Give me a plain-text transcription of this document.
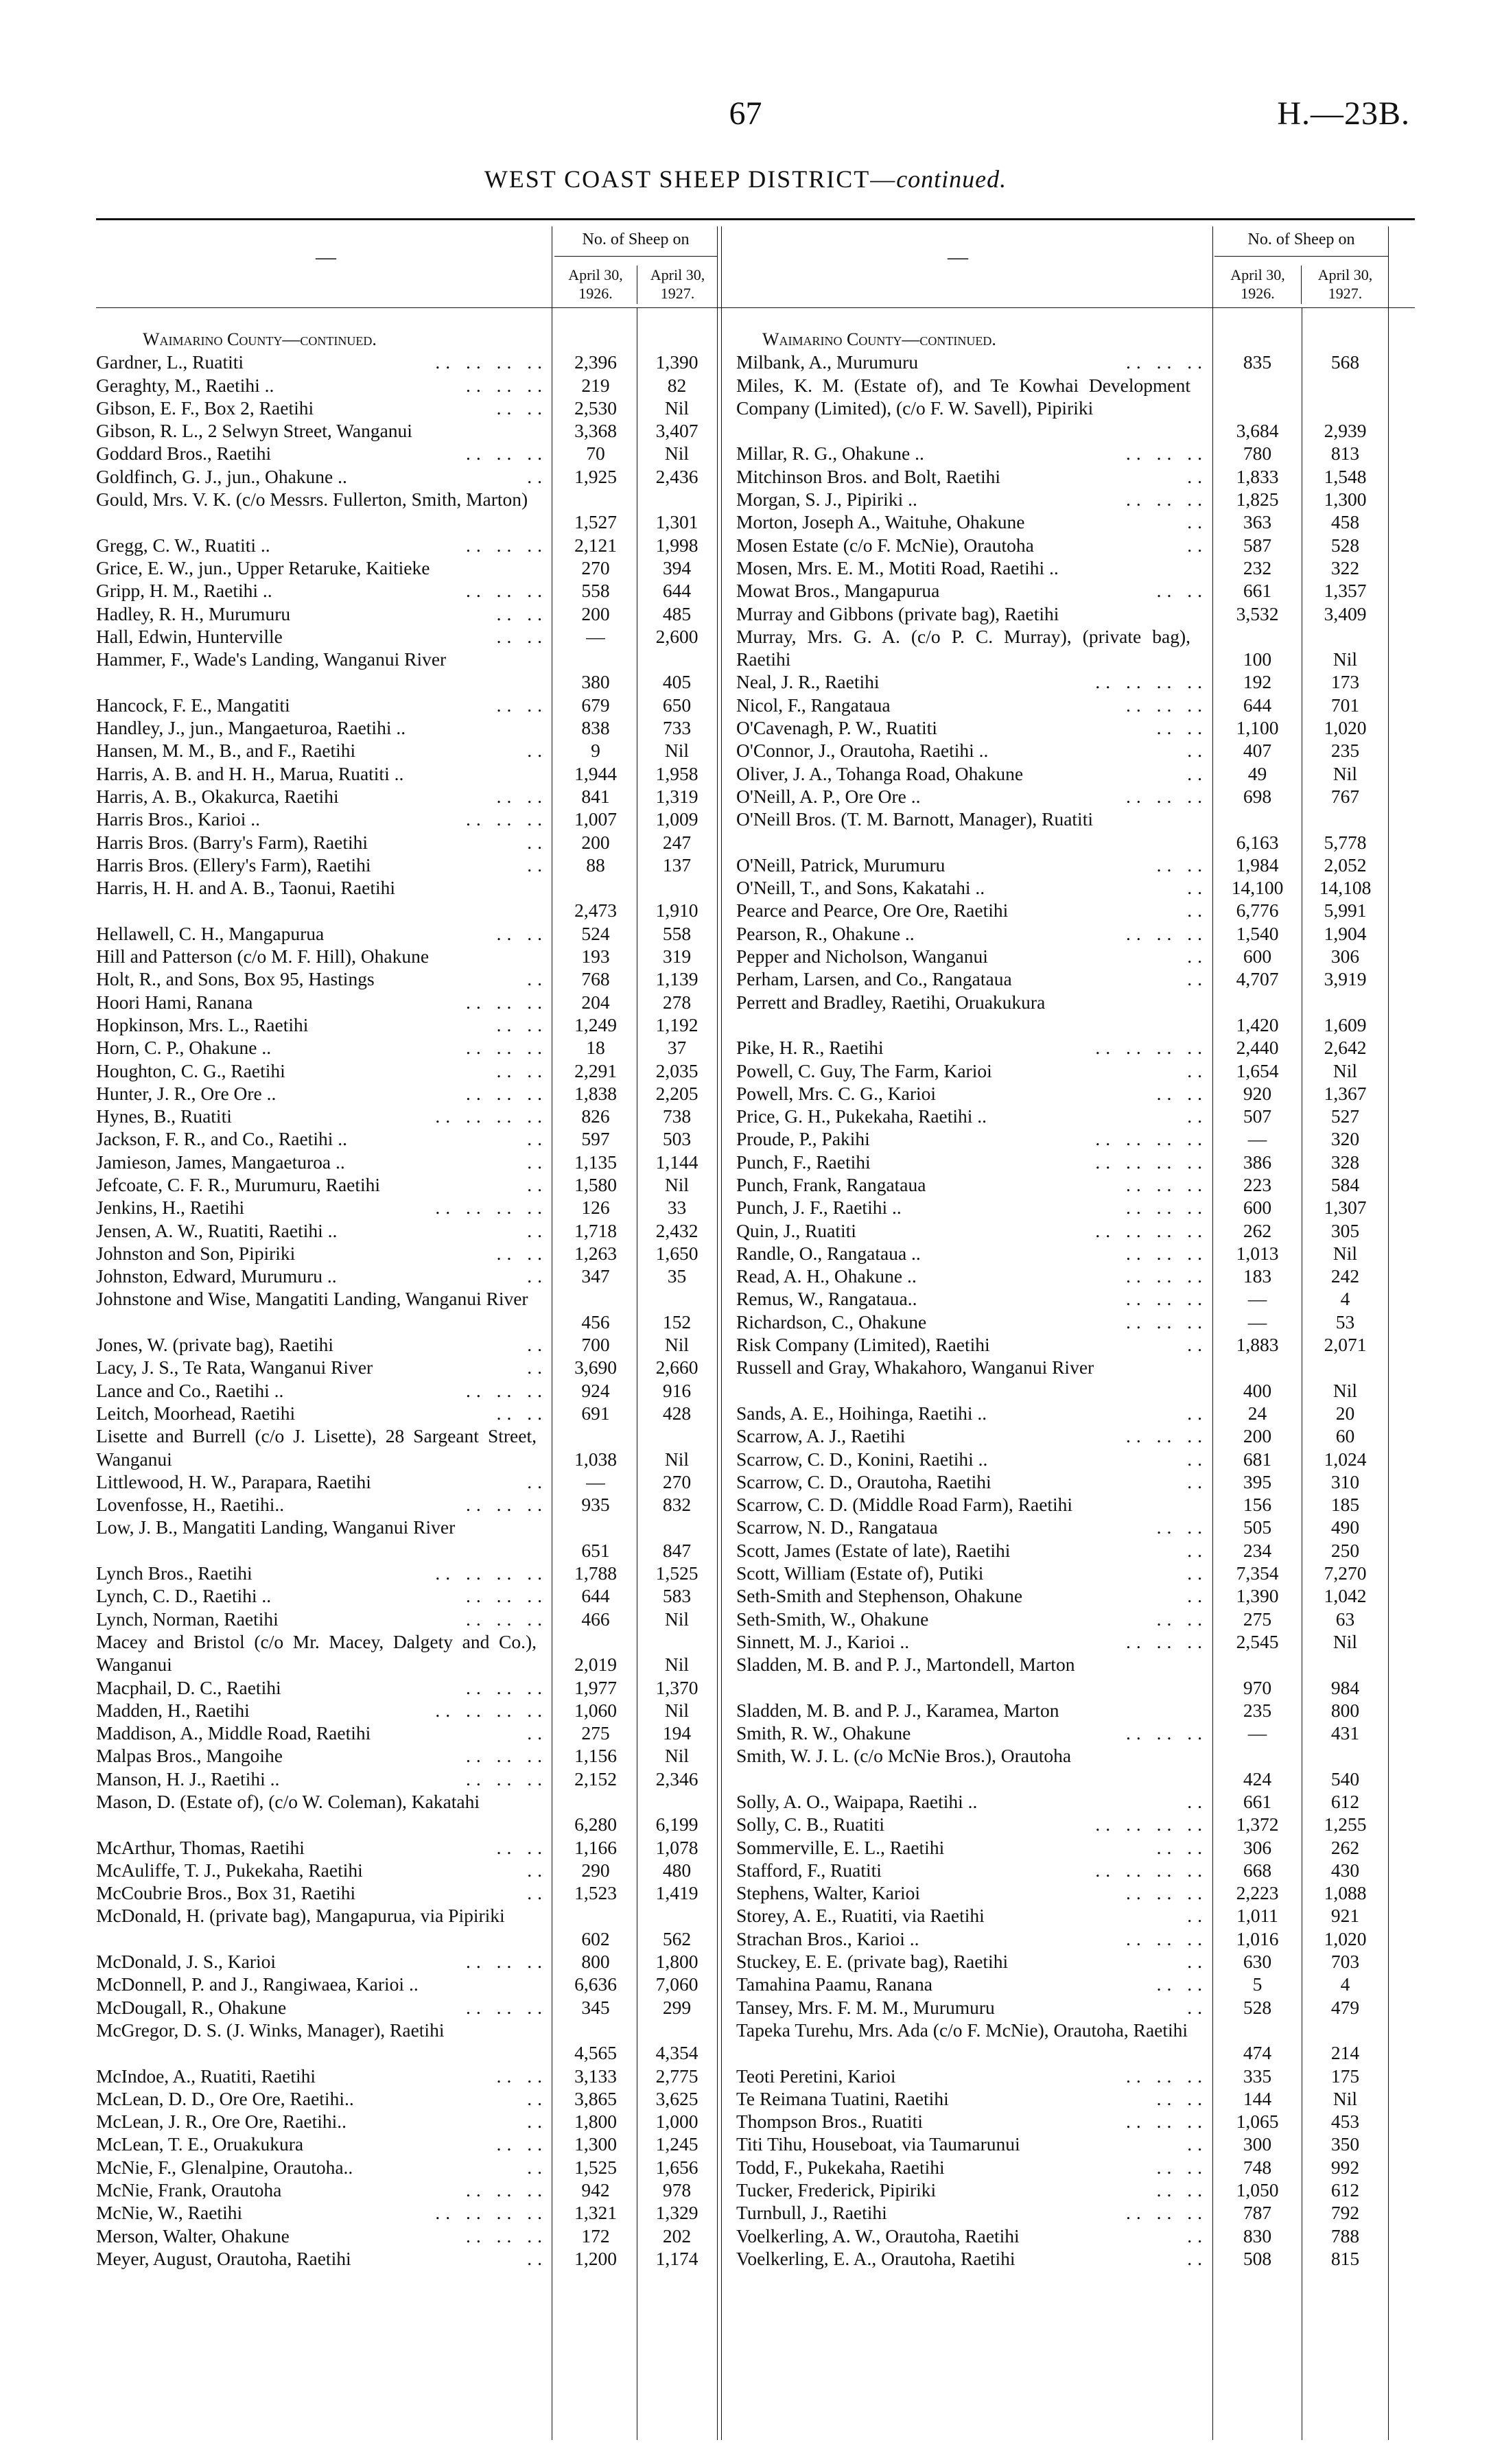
67	H.—23B.
WEST COAST SHEEP DISTRICT—continued.
—
No. of Sheep on
April 30, 1926.
April 30, 1927.
Waimarino County—continued.
Gardner, L., Ruatiti	.. .. .. ..	2,396	1,390
Geraghty, M., Raetihi ..	.. .. ..	219	82
Gibson, E. F., Box 2, Raetihi	.. ..	2,530	Nil
Gibson, R. L., 2 Selwyn Street, Wanganui	3,368	3,407
Goddard Bros., Raetihi	.. .. ..	70	Nil
Goldfinch, G. J., jun., Ohakune ..	..	1,925	2,436
Gould, Mrs. V. K. (c/o Messrs. Fullerton, Smith, Marton)
1,527	1,301
Gregg, C. W., Ruatiti ..	.. .. ..	2,121	1,998
Grice, E. W., jun., Upper Retaruke, Kaitieke	270	394
Gripp, H. M., Raetihi ..	.. .. ..	558	644
Hadley, R. H., Murumuru	.. ..	200	485
Hall, Edwin, Hunterville	.. ..	—	2,600
Hammer, F., Wade's Landing, Wanganui River
380	405
Hancock, F. E., Mangatiti	.. ..	679	650
Handley, J., jun., Mangaeturoa, Raetihi ..	838	733
Hansen, M. M., B., and F., Raetihi	..	9	Nil
Harris, A. B. and H. H., Marua, Ruatiti ..	1,944	1,958
Harris, A. B., Okakurca, Raetihi	.. ..	841	1,319
Harris Bros., Karioi ..	.. .. ..	1,007	1,009
Harris Bros. (Barry's Farm), Raetihi	..	200	247
Harris Bros. (Ellery's Farm), Raetihi	..	88	137
Harris, H. H. and A. B., Taonui, Raetihi
2,473	1,910
Hellawell, C. H., Mangapurua	.. ..	524	558
Hill and Patterson (c/o M. F. Hill), Ohakune	193	319
Holt, R., and Sons, Box 95, Hastings	..	768	1,139
Hoori Hami, Ranana	.. .. ..	204	278
Hopkinson, Mrs. L., Raetihi	.. ..	1,249	1,192
Horn, C. P., Ohakune ..	.. .. ..	18	37
Houghton, C. G., Raetihi	.. ..	2,291	2,035
Hunter, J. R., Ore Ore ..	.. .. ..	1,838	2,205
Hynes, B., Ruatiti	.. .. .. ..	826	738
Jackson, F. R., and Co., Raetihi ..	..	597	503
Jamieson, James, Mangaeturoa ..	..	1,135	1,144
Jefcoate, C. F. R., Murumuru, Raetihi	..	1,580	Nil
Jenkins, H., Raetihi	.. .. .. ..	126	33
Jensen, A. W., Ruatiti, Raetihi ..	..	1,718	2,432
Johnston and Son, Pipiriki	.. ..	1,263	1,650
Johnston, Edward, Murumuru ..	..	347	35
Johnstone and Wise, Mangatiti Landing, Wanganui River
456	152
Jones, W. (private bag), Raetihi	..	700	Nil
Lacy, J. S., Te Rata, Wanganui River	..	3,690	2,660
Lance and Co., Raetihi ..	.. .. ..	924	916
Leitch, Moorhead, Raetihi	.. ..	691	428
Lisette and Burrell (c/o J. Lisette), 28 Sargeant Street, Wanganui	1,038	Nil
Littlewood, H. W., Parapara, Raetihi	..	—	270
Lovenfosse, H., Raetihi..	.. .. ..	935	832
Low, J. B., Mangatiti Landing, Wanganui River
651	847
Lynch Bros., Raetihi	.. .. .. ..	1,788	1,525
Lynch, C. D., Raetihi ..	.. .. ..	644	583
Lynch, Norman, Raetihi	.. .. ..	466	Nil
Macey and Bristol (c/o Mr. Macey, Dalgety and Co.), Wanganui	2,019	Nil
Macphail, D. C., Raetihi	.. .. ..	1,977	1,370
Madden, H., Raetihi	.. .. .. ..	1,060	Nil
Maddison, A., Middle Road, Raetihi	..	275	194
Malpas Bros., Mangoihe	.. .. ..	1,156	Nil
Manson, H. J., Raetihi ..	.. .. ..	2,152	2,346
Mason, D. (Estate of), (c/o W. Coleman), Kakatahi
6,280	6,199
McArthur, Thomas, Raetihi	.. ..	1,166	1,078
McAuliffe, T. J., Pukekaha, Raetihi	..	290	480
McCoubrie Bros., Box 31, Raetihi	..	1,523	1,419
McDonald, H. (private bag), Mangapurua, via Pipiriki
602	562
McDonald, J. S., Karioi	.. .. ..	800	1,800
McDonnell, P. and J., Rangiwaea, Karioi ..	6,636	7,060
McDougall, R., Ohakune	.. .. ..	345	299
McGregor, D. S. (J. Winks, Manager), Raetihi
4,565	4,354
McIndoe, A., Ruatiti, Raetihi	.. ..	3,133	2,775
McLean, D. D., Ore Ore, Raetihi..	..	3,865	3,625
McLean, J. R., Ore Ore, Raetihi..	..	1,800	1,000
McLean, T. E., Oruakukura	.. ..	1,300	1,245
McNie, F., Glenalpine, Orautoha..	..	1,525	1,656
McNie, Frank, Orautoha	.. .. ..	942	978
McNie, W., Raetihi	.. .. .. ..	1,321	1,329
Merson, Walter, Ohakune	.. .. ..	172	202
Meyer, August, Orautoha, Raetihi	..	1,200	1,174
—
No. of Sheep on
April 30, 1926.
April 30, 1927.
Waimarino County—continued.
Milbank, A., Murumuru	.. .. ..	835	568
Miles, K. M. (Estate of), and Te Kowhai Development Company (Limited), (c/o F. W. Savell), Pipiriki
3,684	2,939
Millar, R. G., Ohakune ..	.. .. ..	780	813
Mitchinson Bros. and Bolt, Raetihi	..	1,833	1,548
Morgan, S. J., Pipiriki ..	.. .. ..	1,825	1,300
Morton, Joseph A., Waituhe, Ohakune	..	363	458
Mosen Estate (c/o F. McNie), Orautoha	..	587	528
Mosen, Mrs. E. M., Motiti Road, Raetihi ..	232	322
Mowat Bros., Mangapurua	.. ..	661	1,357
Murray and Gibbons (private bag), Raetihi	3,532	3,409
Murray, Mrs. G. A. (c/o P. C. Murray), (private bag), Raetihi	100	Nil
Neal, J. R., Raetihi	.. .. .. ..	192	173
Nicol, F., Rangataua	.. .. ..	644	701
O'Cavenagh, P. W., Ruatiti	.. ..	1,100	1,020
O'Connor, J., Orautoha, Raetihi ..	..	407	235
Oliver, J. A., Tohanga Road, Ohakune	..	49	Nil
O'Neill, A. P., Ore Ore ..	.. .. ..	698	767
O'Neill Bros. (T. M. Barnott, Manager), Ruatiti
6,163	5,778
O'Neill, Patrick, Murumuru	.. ..	1,984	2,052
O'Neill, T., and Sons, Kakatahi ..	..	14,100	14,108
Pearce and Pearce, Ore Ore, Raetihi	..	6,776	5,991
Pearson, R., Ohakune ..	.. .. ..	1,540	1,904
Pepper and Nicholson, Wanganui	..	600	306
Perham, Larsen, and Co., Rangataua	..	4,707	3,919
Perrett and Bradley, Raetihi, Oruakukura
1,420	1,609
Pike, H. R., Raetihi	.. .. .. ..	2,440	2,642
Powell, C. Guy, The Farm, Karioi	..	1,654	Nil
Powell, Mrs. C. G., Karioi	.. ..	920	1,367
Price, G. H., Pukekaha, Raetihi ..	..	507	527
Proude, P., Pakihi	.. .. .. ..	—	320
Punch, F., Raetihi	.. .. .. ..	386	328
Punch, Frank, Rangataua	.. .. ..	223	584
Punch, J. F., Raetihi ..	.. .. ..	600	1,307
Quin, J., Ruatiti	.. .. .. ..	262	305
Randle, O., Rangataua ..	.. .. ..	1,013	Nil
Read, A. H., Ohakune ..	.. .. ..	183	242
Remus, W., Rangataua..	.. .. ..	—	4
Richardson, C., Ohakune	.. .. ..	—	53
Risk Company (Limited), Raetihi	..	1,883	2,071
Russell and Gray, Whakahoro, Wanganui River
400	Nil
Sands, A. E., Hoihinga, Raetihi ..	..	24	20
Scarrow, A. J., Raetihi	.. .. ..	200	60
Scarrow, C. D., Konini, Raetihi ..	..	681	1,024
Scarrow, C. D., Orautoha, Raetihi	..	395	310
Scarrow, C. D. (Middle Road Farm), Raetihi	156	185
Scarrow, N. D., Rangataua	.. ..	505	490
Scott, James (Estate of late), Raetihi	..	234	250
Scott, William (Estate of), Putiki	..	7,354	7,270
Seth-Smith and Stephenson, Ohakune	..	1,390	1,042
Seth-Smith, W., Ohakune	.. ..	275	63
Sinnett, M. J., Karioi ..	.. .. ..	2,545	Nil
Sladden, M. B. and P. J., Martondell, Marton
970	984
Sladden, M. B. and P. J., Karamea, Marton	235	800
Smith, R. W., Ohakune	.. .. ..	—	431
Smith, W. J. L. (c/o McNie Bros.), Orautoha
424	540
Solly, A. O., Waipapa, Raetihi ..	..	661	612
Solly, C. B., Ruatiti	.. .. .. ..	1,372	1,255
Sommerville, E. L., Raetihi	.. ..	306	262
Stafford, F., Ruatiti	.. .. .. ..	668	430
Stephens, Walter, Karioi	.. .. ..	2,223	1,088
Storey, A. E., Ruatiti, via Raetihi	..	1,011	921
Strachan Bros., Karioi ..	.. .. ..	1,016	1,020
Stuckey, E. E. (private bag), Raetihi	..	630	703
Tamahina Paamu, Ranana	.. ..	5	4
Tansey, Mrs. F. M. M., Murumuru	..	528	479
Tapeka Turehu, Mrs. Ada (c/o F. McNie), Orautoha, Raetihi
474	214
Teoti Peretini, Karioi	.. .. ..	335	175
Te Reimana Tuatini, Raetihi	.. ..	144	Nil
Thompson Bros., Ruatiti	.. .. ..	1,065	453
Titi Tihu, Houseboat, via Taumarunui	..	300	350
Todd, F., Pukekaha, Raetihi	.. ..	748	992
Tucker, Frederick, Pipiriki	.. ..	1,050	612
Turnbull, J., Raetihi	.. .. ..	787	792
Voelkerling, A. W., Orautoha, Raetihi	..	830	788
Voelkerling, E. A., Orautoha, Raetihi	..	508	815
